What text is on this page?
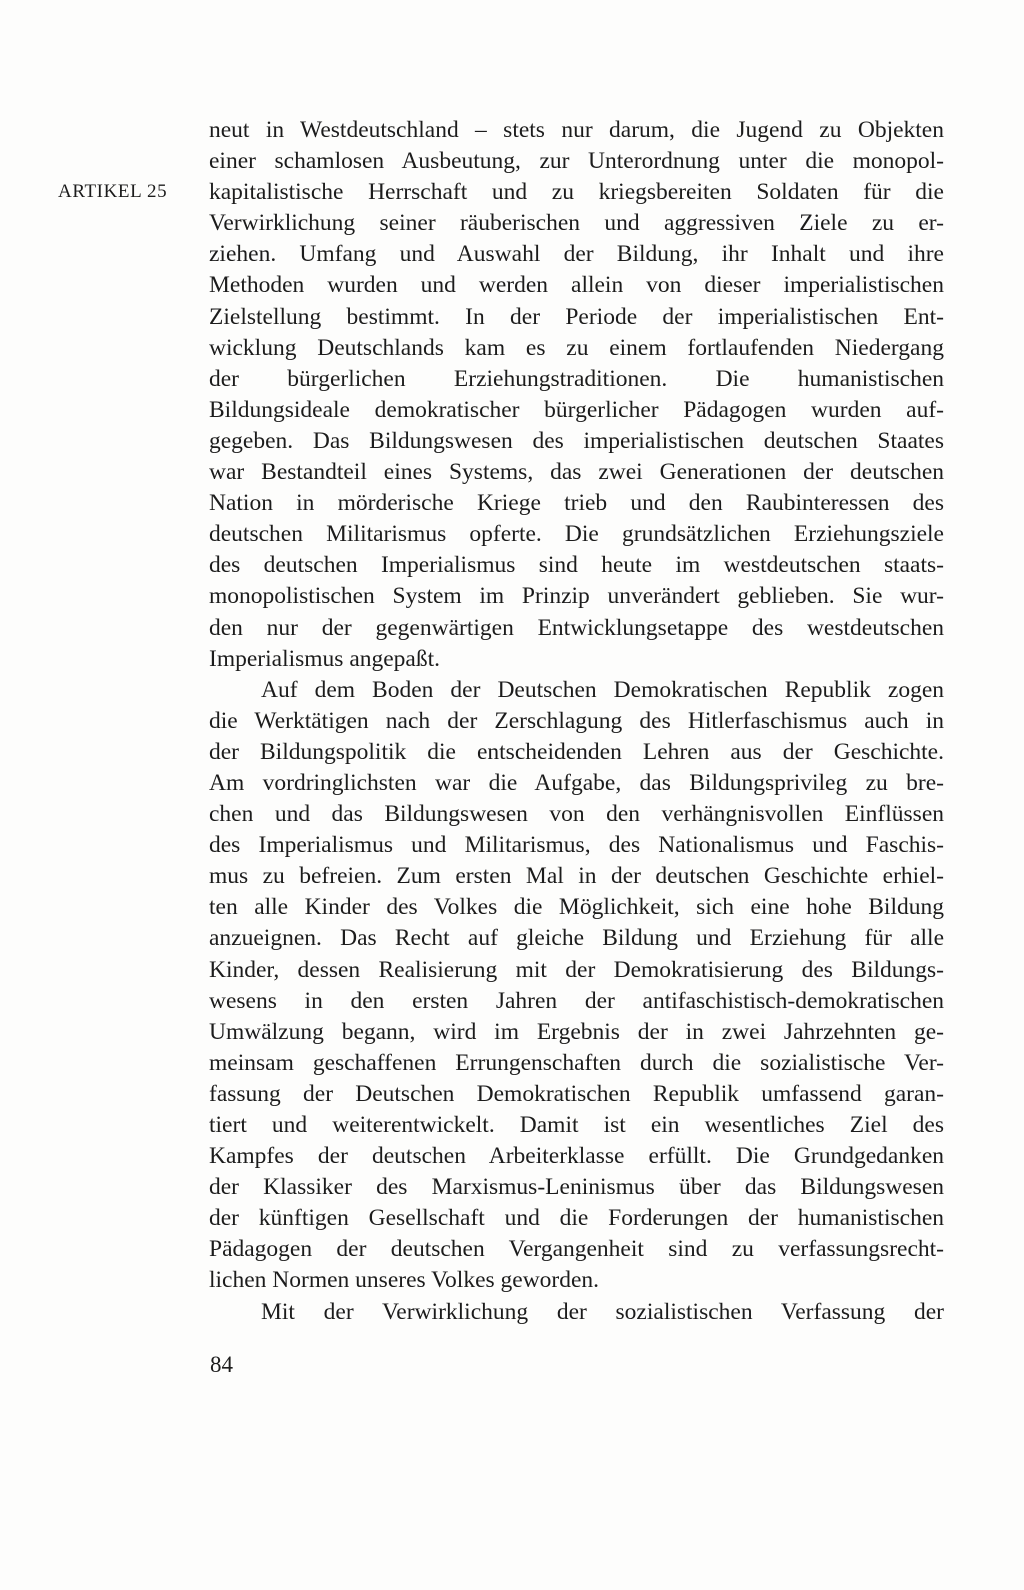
ARTIKEL 25
neut in Westdeutschland – stets nur darum, die Jugend zu Objekten
einer schamlosen Ausbeutung, zur Unterordnung unter die monopol-
kapitalistische Herrschaft und zu kriegsbereiten Soldaten für die
Verwirklichung seiner räuberischen und aggressiven Ziele zu er-
ziehen. Umfang und Auswahl der Bildung, ihr Inhalt und ihre
Methoden wurden und werden allein von dieser imperialistischen
Zielstellung bestimmt. In der Periode der imperialistischen Ent-
wicklung Deutschlands kam es zu einem fortlaufenden Niedergang
der bürgerlichen Erziehungstraditionen. Die humanistischen
Bildungsideale demokratischer bürgerlicher Pädagogen wurden auf-
gegeben. Das Bildungswesen des imperialistischen deutschen Staates
war Bestandteil eines Systems, das zwei Generationen der deutschen
Nation in mörderische Kriege trieb und den Raubinteressen des
deutschen Militarismus opferte. Die grundsätzlichen Erziehungsziele
des deutschen Imperialismus sind heute im westdeutschen staats-
monopolistischen System im Prinzip unverändert geblieben. Sie wur-
den nur der gegenwärtigen Entwicklungsetappe des westdeutschen
Imperialismus angepaßt.
Auf dem Boden der Deutschen Demokratischen Republik zogen
die Werktätigen nach der Zerschlagung des Hitlerfaschismus auch in
der Bildungspolitik die entscheidenden Lehren aus der Geschichte.
Am vordringlichsten war die Aufgabe, das Bildungsprivileg zu bre-
chen und das Bildungswesen von den verhängnisvollen Einflüssen
des Imperialismus und Militarismus, des Nationalismus und Faschis-
mus zu befreien. Zum ersten Mal in der deutschen Geschichte erhiel-
ten alle Kinder des Volkes die Möglichkeit, sich eine hohe Bildung
anzueignen. Das Recht auf gleiche Bildung und Erziehung für alle
Kinder, dessen Realisierung mit der Demokratisierung des Bildungs-
wesens in den ersten Jahren der antifaschistisch-demokratischen
Umwälzung begann, wird im Ergebnis der in zwei Jahrzehnten ge-
meinsam geschaffenen Errungenschaften durch die sozialistische Ver-
fassung der Deutschen Demokratischen Republik umfassend garan-
tiert und weiterentwickelt. Damit ist ein wesentliches Ziel des
Kampfes der deutschen Arbeiterklasse erfüllt. Die Grundgedanken
der Klassiker des Marxismus-Leninismus über das Bildungswesen
der künftigen Gesellschaft und die Forderungen der humanistischen
Pädagogen der deutschen Vergangenheit sind zu verfassungsrecht-
lichen Normen unseres Volkes geworden.
Mit der Verwirklichung der sozialistischen Verfassung der
84
